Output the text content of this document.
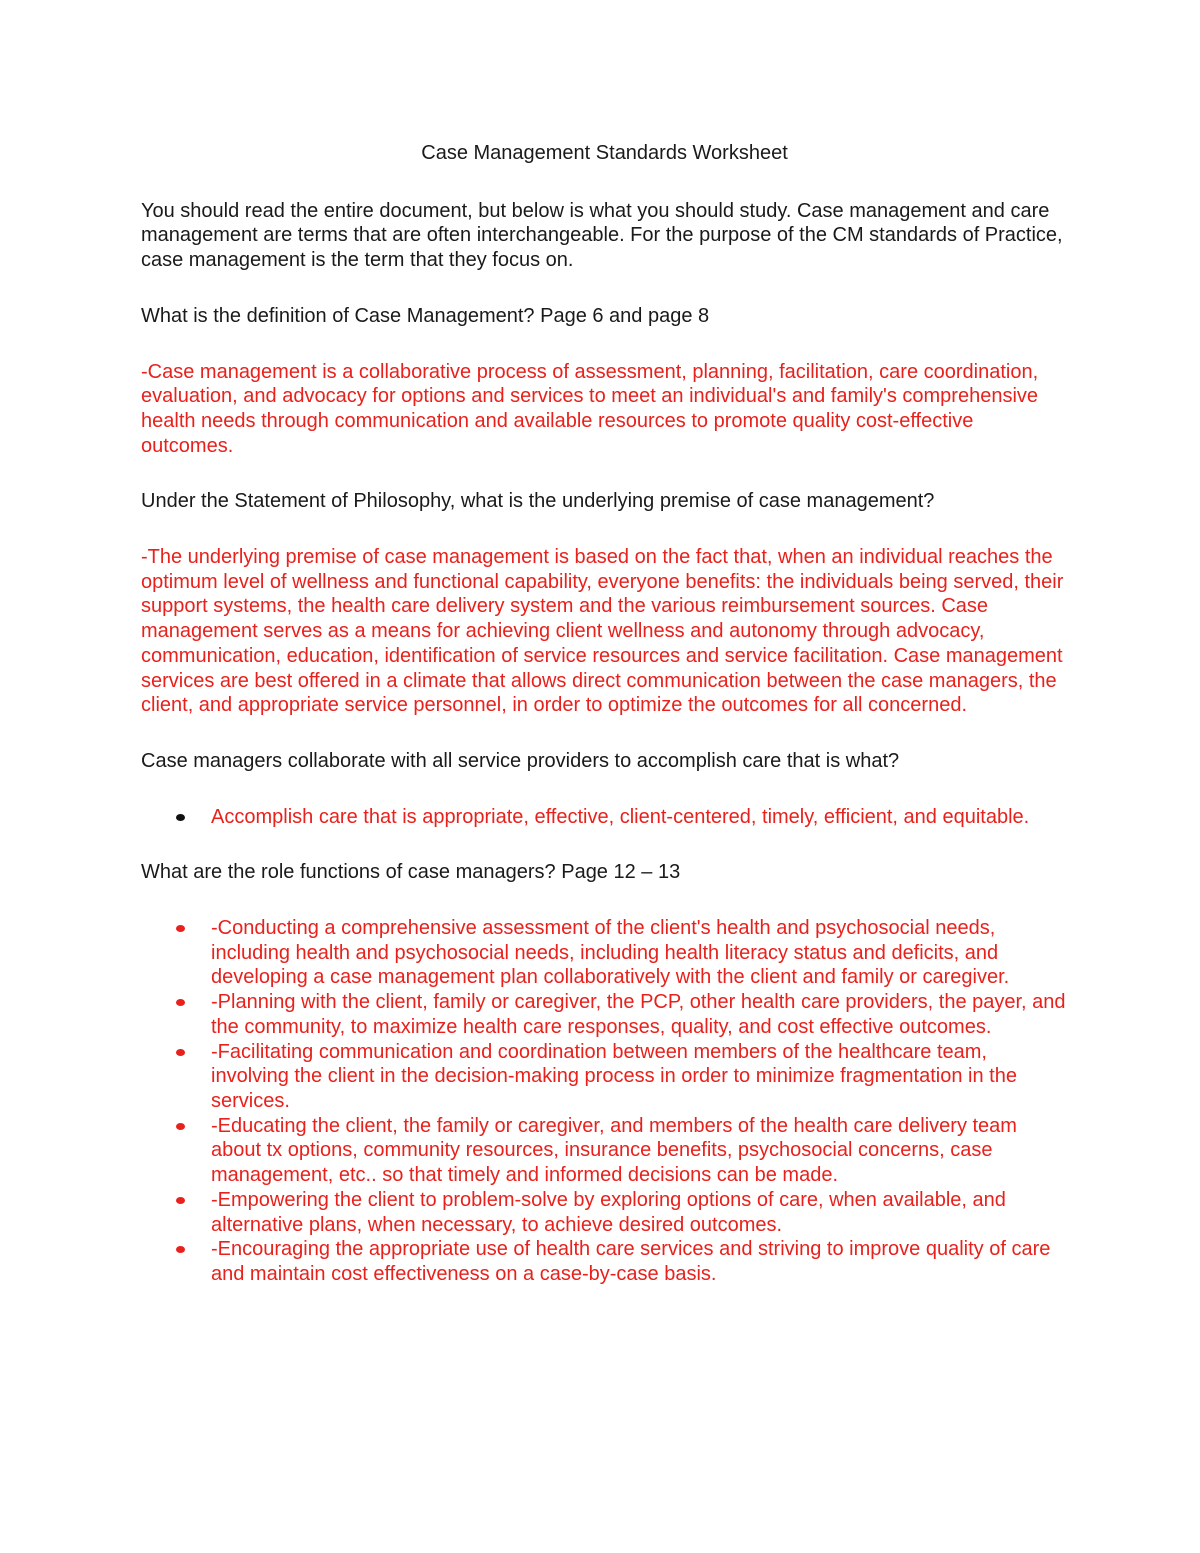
Case Management Standards Worksheet

You should read the entire document, but below is what you should study. Case management and care management are terms that are often interchangeable. For the purpose of the CM standards of Practice, case management is the term that they focus on.

What is the definition of Case Management? Page 6 and page 8

-Case management is a collaborative process of assessment, planning, facilitation, care coordination, evaluation, and advocacy for options and services to meet an individual's and family's comprehensive health needs through communication and available resources to promote quality cost-effective outcomes.

Under the Statement of Philosophy, what is the underlying premise of case management?

-The underlying premise of case management is based on the fact that, when an individual reaches the optimum level of wellness and functional capability, everyone benefits: the individuals being served, their support systems, the health care delivery system and the various reimbursement sources. Case management serves as a means for achieving client wellness and autonomy through advocacy, communication, education, identification of service resources and service facilitation. Case management services are best offered in a climate that allows direct communication between the case managers, the client, and appropriate service personnel, in order to optimize the outcomes for all concerned.

Case managers collaborate with all service providers to accomplish care that is what?

Accomplish care that is appropriate, effective, client-centered, timely, efficient, and equitable.

What are the role functions of case managers? Page 12 – 13

-Conducting a comprehensive assessment of the client's health and psychosocial needs, including health and psychosocial needs, including health literacy status and deficits, and developing a case management plan collaboratively with the client and family or caregiver.
-Planning with the client, family or caregiver, the PCP, other health care providers, the payer, and the community, to maximize health care responses, quality, and cost effective outcomes.
-Facilitating communication and coordination between members of the healthcare team, involving the client in the decision-making process in order to minimize fragmentation in the services.
-Educating the client, the family or caregiver, and members of the health care delivery team about tx options, community resources, insurance benefits, psychosocial concerns, case management, etc.. so that timely and informed decisions can be made.
-Empowering the client to problem-solve by exploring options of care, when available, and alternative plans, when necessary, to achieve desired outcomes.
-Encouraging the appropriate use of health care services and striving to improve quality of care and maintain cost effectiveness on a case-by-case basis.
